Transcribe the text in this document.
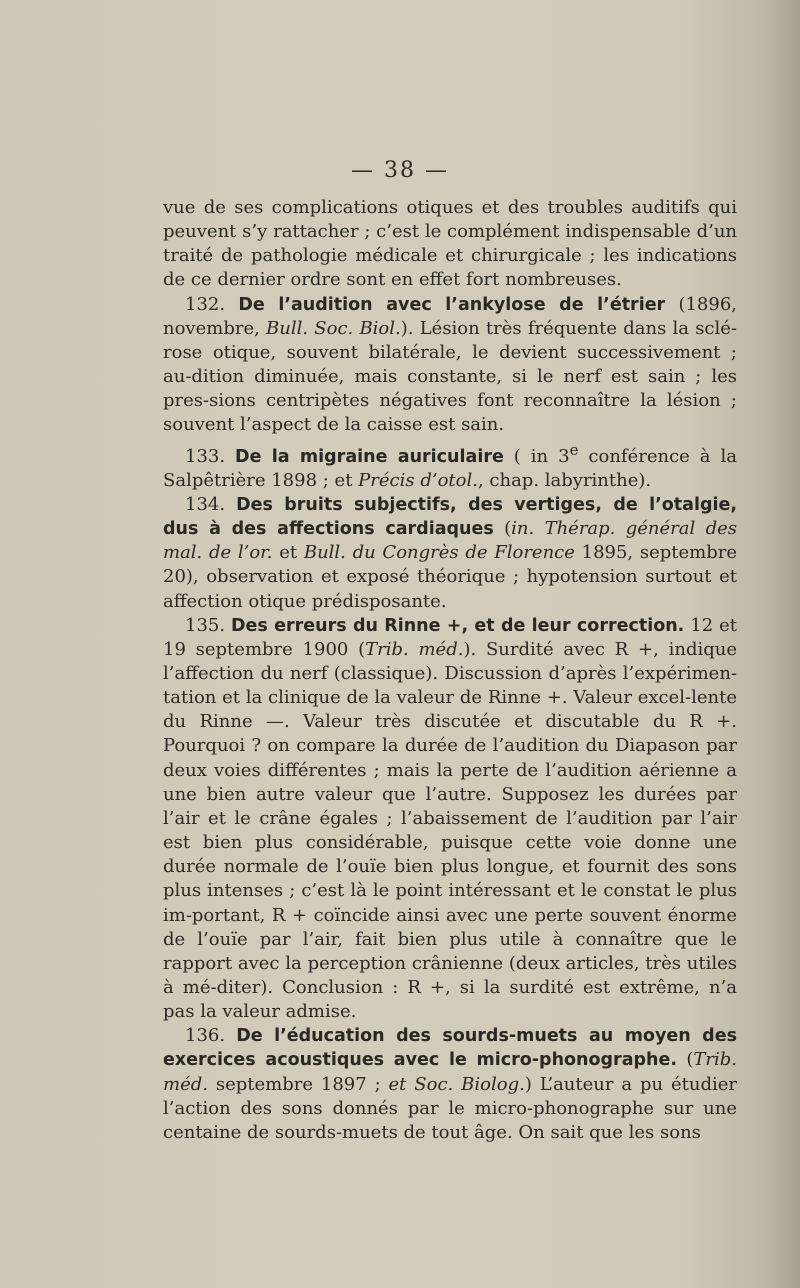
— 38 —

vue de ses complications otiques et des troubles auditifs qui peuvent s’y rattacher ; c’est le complément indispensable d’un traité de pathologie médicale et chirurgicale ; les indications de ce dernier ordre sont en effet fort nombreuses.

132. De l’audition avec l’ankylose de l’étrier (1896, novembre, Bull. Soc. Biol.). Lésion très fréquente dans la sclé-rose otique, souvent bilatérale, le devient successivement ; au-dition diminuée, mais constante, si le nerf est sain ; les pres-sions centripètes négatives font reconnaître la lésion ; souvent l’aspect de la caisse est sain.

133. De la migraine auriculaire ( in 3e conférence à la Salpêtrière 1898 ; et Précis d’otol., chap. labyrinthe).

134. Des bruits subjectifs, des vertiges, de l’otalgie, dus à des affections cardiaques (in. Thérap. général des mal. de l’or. et Bull. du Congrès de Florence 1895, septembre 20), observation et exposé théorique ; hypotension surtout et affection otique prédisposante.

135. Des erreurs du Rinne +, et de leur correction. 12 et 19 septembre 1900 (Trib. méd.). Surdité avec R +, indique l’affection du nerf (classique). Discussion d’après l’expérimen-tation et la clinique de la valeur de Rinne +. Valeur excel-lente du Rinne —. Valeur très discutée et discutable du R +. Pourquoi ? on compare la durée de l’audition du Diapason par deux voies différentes ; mais la perte de l’audition aérienne a une bien autre valeur que l’autre. Supposez les durées par l’air et le crâne égales ; l’abaissement de l’audition par l’air est bien plus considérable, puisque cette voie donne une durée normale de l’ouïe bien plus longue, et fournit des sons plus intenses ; c’est là le point intéressant et le constat le plus im-portant, R + coïncide ainsi avec une perte souvent énorme de l’ouïe par l’air, fait bien plus utile à connaître que le rapport avec la perception crânienne (deux articles, très utiles à mé-diter). Conclusion : R +, si la surdité est extrême, n’a pas la valeur admise.

136. De l’éducation des sourds-muets au moyen des exercices acoustiques avec le micro-phonographe. (Trib. méd. septembre 1897 ; et Soc. Biolog.) L’auteur a pu étudier l’action des sons donnés par le micro-phonographe sur une centaine de sourds-muets de tout âge. On sait que les sons
